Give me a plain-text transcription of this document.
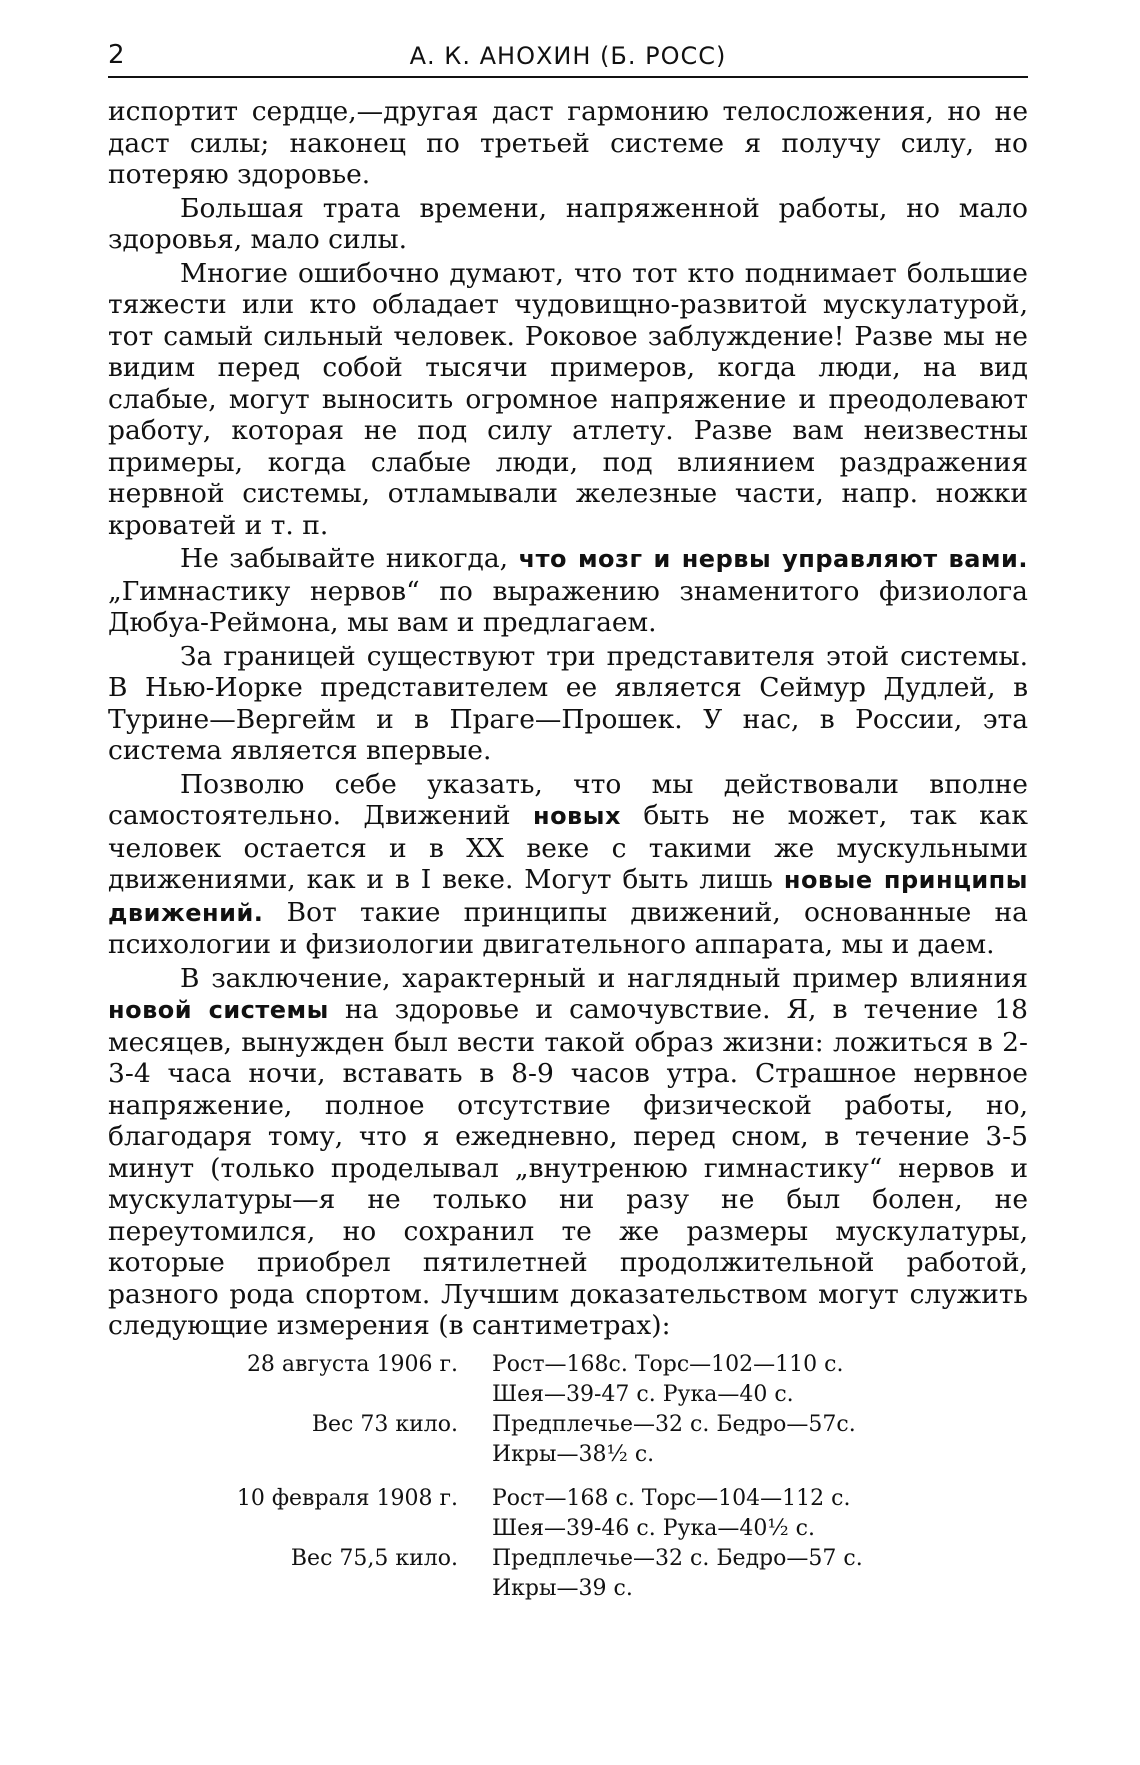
2	А. К. АНОХИН (Б. РОСС)

испортит сердце,—другая даст гармонию телосложения, но не даст силы; наконец по третьей системе я получу силу, но потеряю здоровье.

Большая трата времени, напряженной работы, но мало здоровья, мало силы.

Многие ошибочно думают, что тот кто поднимает большие тяжести или кто обладает чудовищно-развитой мускулатурой, тот самый сильный человек. Роковое заблуждение! Разве мы не видим перед собой тысячи примеров, когда люди, на вид слабые, могут выносить огромное напряжение и преодолевают работу, которая не под силу атлету. Разве вам неизвестны примеры, когда слабые люди, под влиянием раздражения нервной системы, отламывали железные части, напр. ножки кроватей и т. п.

Не забывайте никогда, что мозг и нервы управляют вами. „Гимнастику нервов“ по выражению знаменитого физиолога Дюбуа-Реймона, мы вам и предлагаем.

За границей существуют три представителя этой системы. В Нью-Иорке представителем ее является Сеймур Дудлей, в Турине—Вергейм и в Праге—Прошек. У нас, в России, эта система является впервые.

Позволю себе указать, что мы действовали вполне самостоятельно. Движений новых быть не может, так как человек остается и в XX веке с такими же мускульными движениями, как и в I веке. Могут быть лишь новые принципы движений. Вот такие принципы движений, основанные на психологии и физиологии двигательного аппарата, мы и даем.

В заключение, характерный и наглядный пример влияния новой системы на здоровье и самочувствие. Я, в течение 18 месяцев, вынужден был вести такой образ жизни: ложиться в 2-3-4 часа ночи, вставать в 8-9 часов утра. Страшное нервное напряжение, полное отсутствие физической работы, но, благодаря тому, что я ежедневно, перед сном, в течение 3-5 минут (только проделывал „внутренюю гимнастику“ нервов и мускулатуры—я не только ни разу не был болен, не переутомился, но сохранил те же размеры мускулатуры, которые приобрел пятилетней продолжительной работой, разного рода спортом. Лучшим доказательством могут служить следующие измерения (в сантиметрах):

28 августа 1906 г.
Вес 73 кило.
Рост—168с. Торс—102—110 с.
Шея—39-47 с. Рука—40 с.
Предплечье—32 с. Бедро—57с.
Икры—38½ с.
10 февраля 1908 г.
Вес 75,5 кило.
Рост—168 с. Торс—104—112 с.
Шея—39-46 с. Рука—40½ с.
Предплечье—32 с. Бедро—57 с.
Икры—39 с.
